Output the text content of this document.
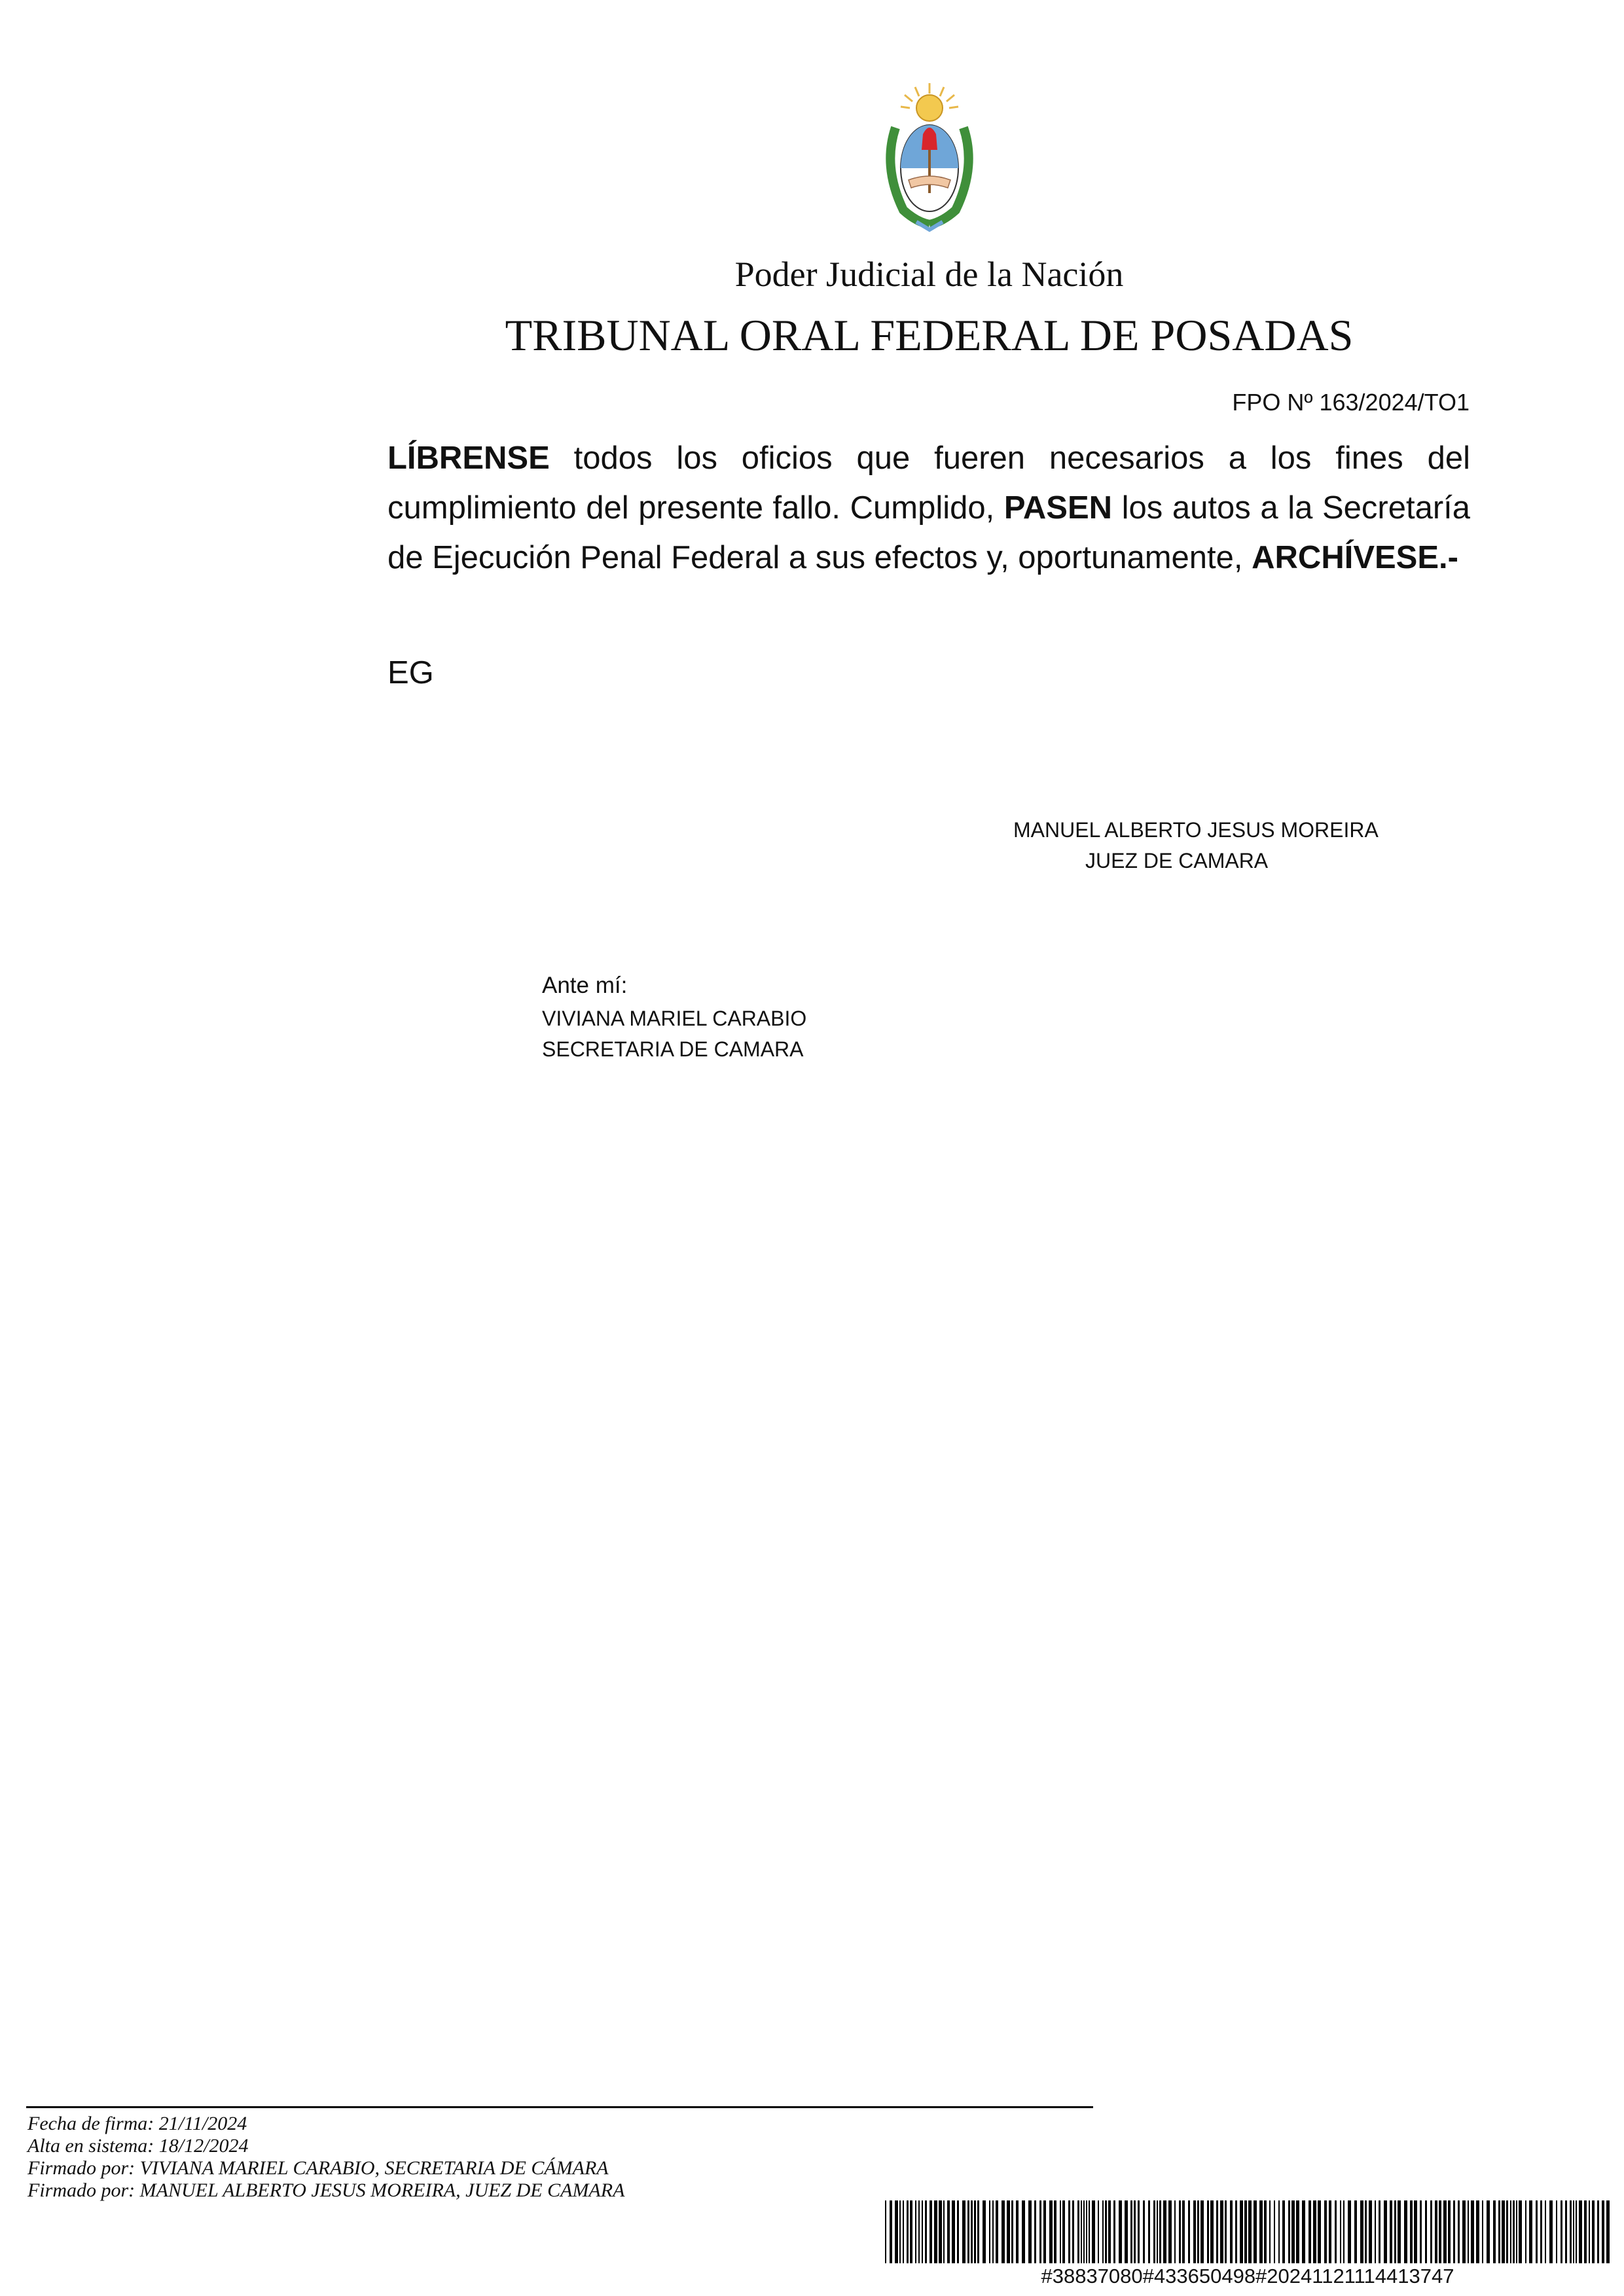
Poder Judicial de la Nación
TRIBUNAL ORAL FEDERAL DE POSADAS
FPO Nº 163/2024/TO1
LÍBRENSE todos los oficios que fueren necesarios a los fines del cumplimiento del presente fallo. Cumplido, PASEN los autos a la Secretaría de Ejecución Penal Federal a sus efectos y, oportunamente, ARCHÍVESE.-
EG
MANUEL ALBERTO JESUS MOREIRA
JUEZ DE CAMARA
Ante mí:
VIVIANA MARIEL CARABIO
SECRETARIA DE CAMARA
Fecha de firma: 21/11/2024
Alta en sistema: 18/12/2024
Firmado por: VIVIANA MARIEL CARABIO, SECRETARIA DE CÁMARA
Firmado por: MANUEL ALBERTO JESUS MOREIRA, JUEZ DE CAMARA
#38837080#433650498#20241121114413747
